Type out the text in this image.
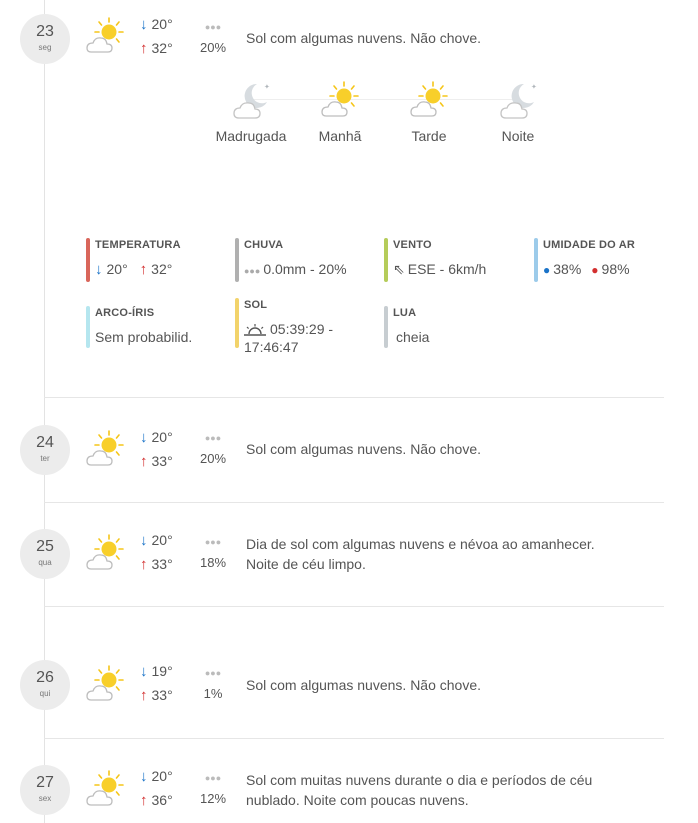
23
seg
↓ 20°
↑ 32°
●●●
20%
Sol com algumas nuvens. Não chove.
Madrugada	Manhã	Tarde	Noite
TEMPERATURA
↓ 20° ↑ 32°
CHUVA
●●● 0.0mm - 20%
VENTO
⇖ ESE - 6km/h
UMIDADE DO AR
● 38% ● 98%
ARCO-ÍRIS
Sem probabilid.
SOL
05:39:29 - 17:46:47
LUA
cheia
24
ter
↓ 20°
↑ 33°
●●●
20%
Sol com algumas nuvens. Não chove.
25
qua
↓ 20°
↑ 33°
●●●
18%
Dia de sol com algumas nuvens e névoa ao amanhecer. Noite de céu limpo.
26
qui
↓ 19°
↑ 33°
●●●
1%
Sol com algumas nuvens. Não chove.
27
sex
↓ 20°
↑ 36°
●●●
12%
Sol com muitas nuvens durante o dia e períodos de céu nublado. Noite com poucas nuvens.
